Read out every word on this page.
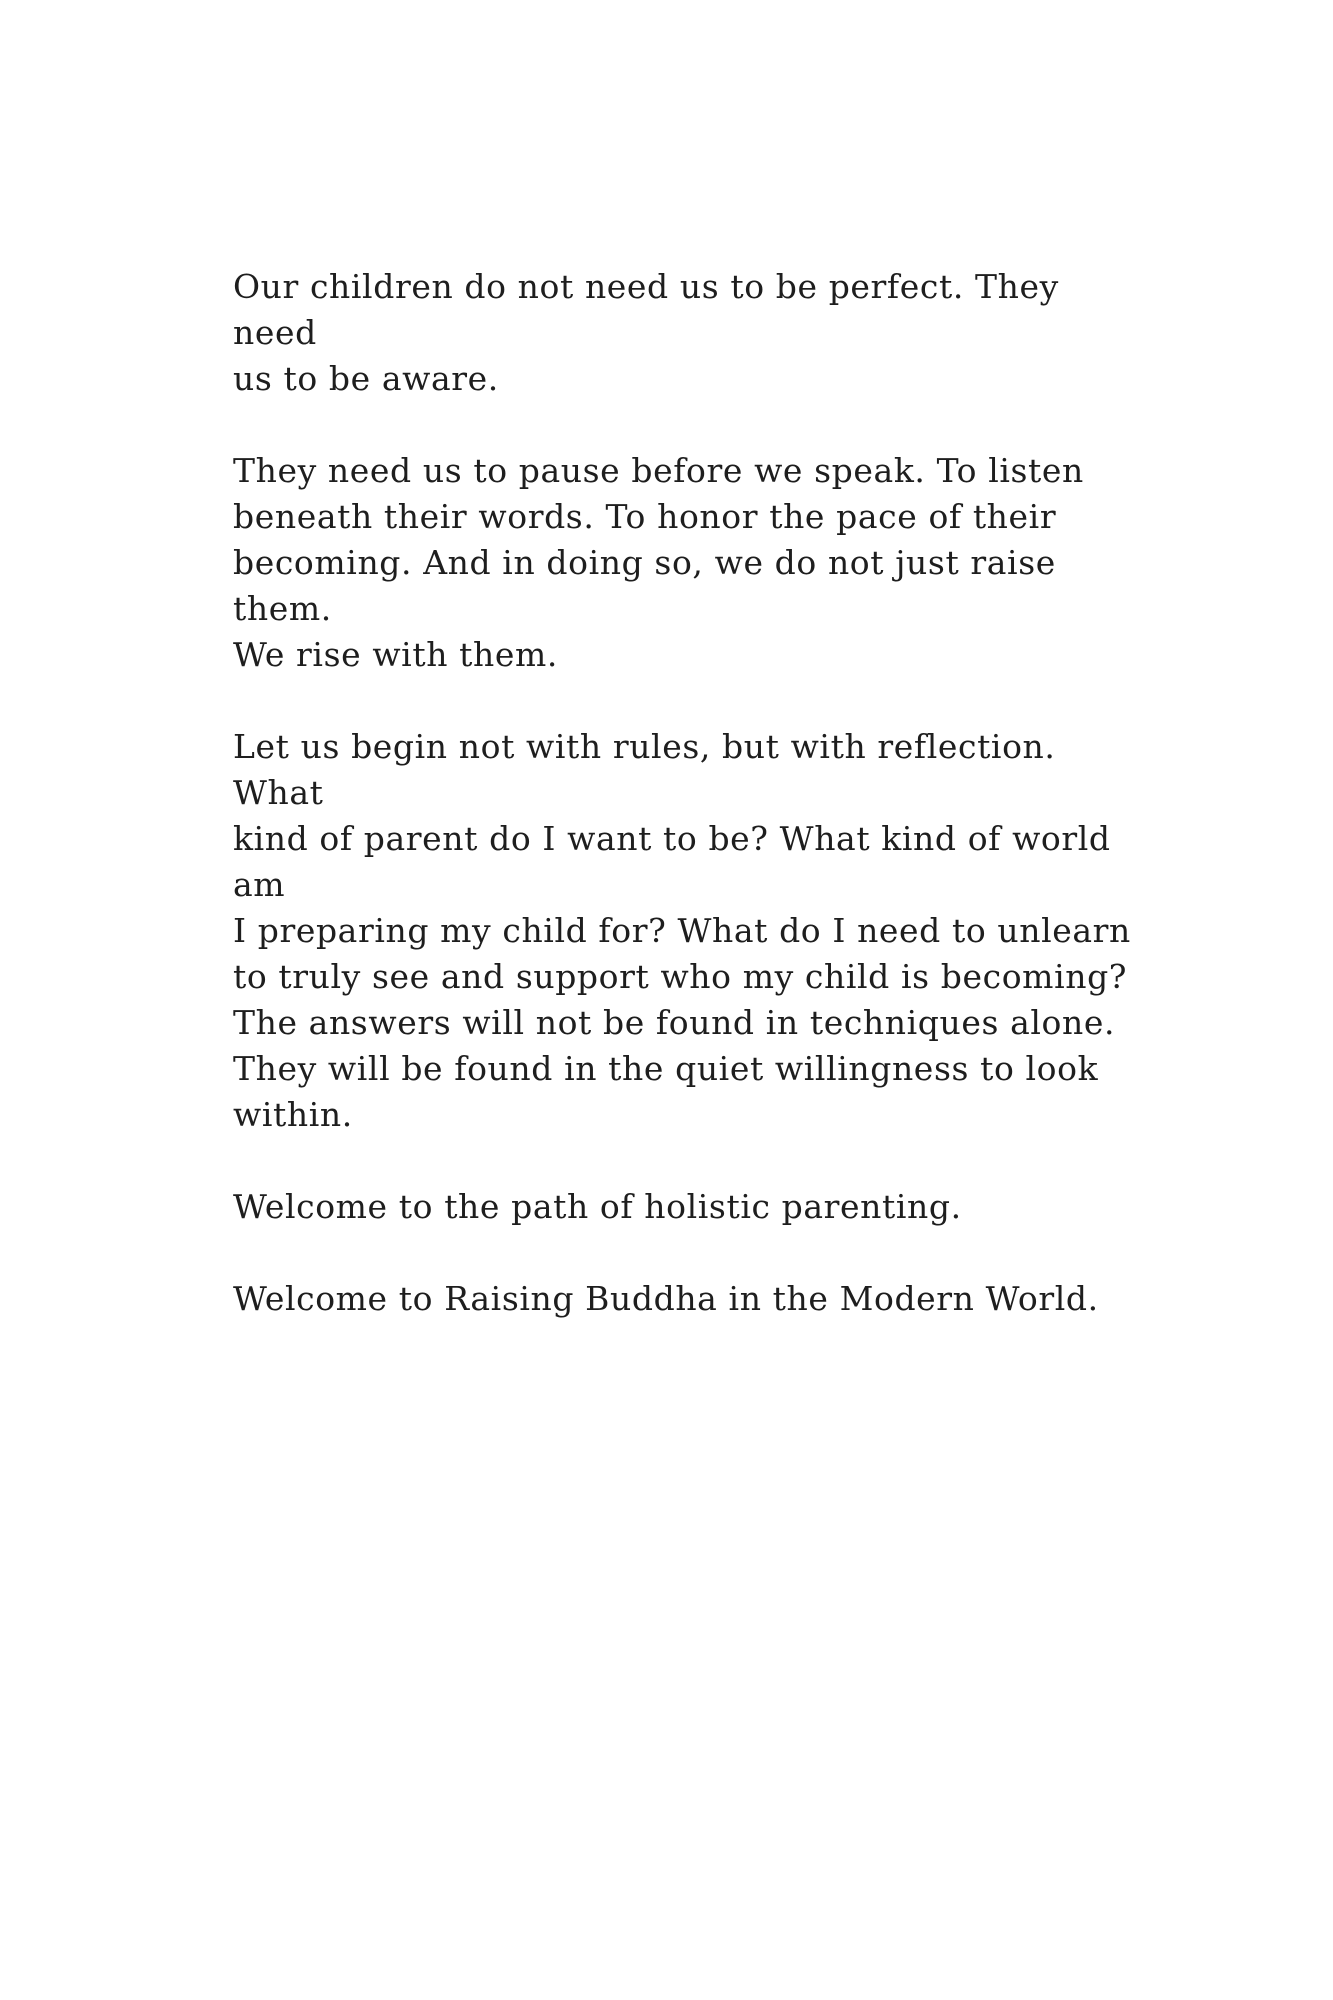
Our children do not need us to be perfect. They need
us to be aware.

They need us to pause before we speak. To listen
beneath their words. To honor the pace of their
becoming. And in doing so, we do not just raise them.
We rise with them.

Let us begin not with rules, but with reflection. What
kind of parent do I want to be? What kind of world am
I preparing my child for? What do I need to unlearn
to truly see and support who my child is becoming?
The answers will not be found in techniques alone.
They will be found in the quiet willingness to look
within.

Welcome to the path of holistic parenting.

Welcome to Raising Buddha in the Modern World.
